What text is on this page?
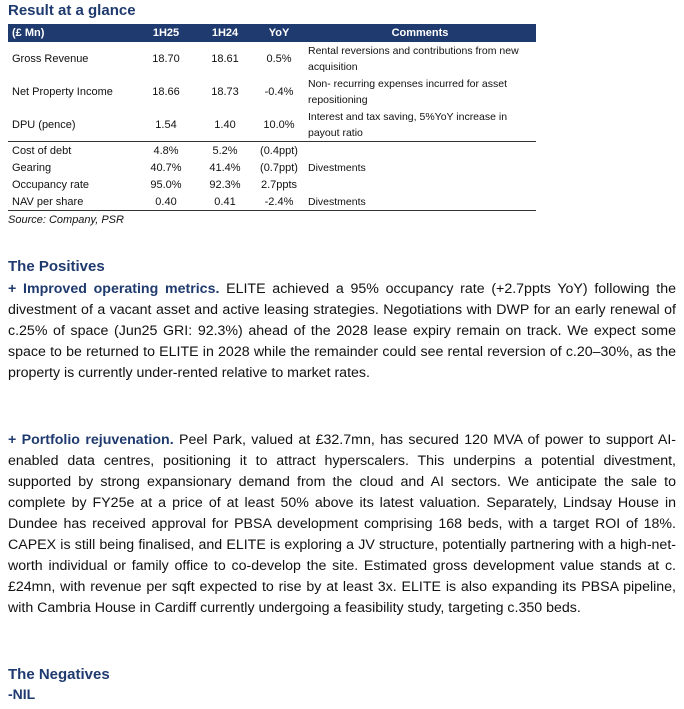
Result at a glance
(£ Mn)	1H25	1H24	YoY	Comments
Gross Revenue	18.70	18.61	0.5%	Rental reversions and contributions from new acquisition
Net Property Income	18.66	18.73	-0.4%	Non- recurring expenses incurred for asset repositioning
DPU (pence)	1.54	1.40	10.0%	Interest and tax saving, 5%YoY increase in payout ratio
Cost of debt	4.8%	5.2%	(0.4ppt)	
Gearing	40.7%	41.4%	(0.7ppt)	Divestments
Occupancy rate	95.0%	92.3%	2.7ppts	
NAV per share	0.40	0.41	-2.4%	Divestments
Source: Company, PSR
The Positives

+ Improved operating metrics. ELITE achieved a 95% occupancy rate (+2.7ppts YoY) following the divestment of a vacant asset and active leasing strategies. Negotiations with DWP for an early renewal of c.25% of space (Jun25 GRI: 92.3%) ahead of the 2028 lease expiry remain on track. We expect some space to be returned to ELITE in 2028 while the remainder could see rental reversion of c.20–30%, as the property is currently under-rented relative to market rates.

+ Portfolio rejuvenation. Peel Park, valued at £32.7mn, has secured 120 MVA of power to support AI-enabled data centres, positioning it to attract hyperscalers. This underpins a potential divestment, supported by strong expansionary demand from the cloud and AI sectors. We anticipate the sale to complete by FY25e at a price of at least 50% above its latest valuation. Separately, Lindsay House in Dundee has received approval for PBSA development comprising 168 beds, with a target ROI of 18%. CAPEX is still being finalised, and ELITE is exploring a JV structure, potentially partnering with a high-net-worth individual or family office to co-develop the site. Estimated gross development value stands at c.£24mn, with revenue per sqft expected to rise by at least 3x. ELITE is also expanding its PBSA pipeline, with Cambria House in Cardiff currently undergoing a feasibility study, targeting c.350 beds.

The Negatives
-NIL
